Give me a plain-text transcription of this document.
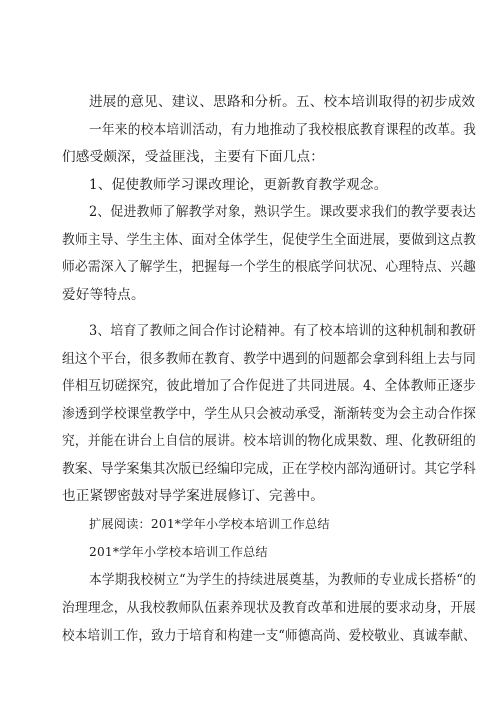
进展的意见、建议、思路和分析。五、校本培训取得的初步成效
一年来的校本培训活动，有力地推动了我校根底教育课程的改革。我
们感受颇深，受益匪浅，主要有下面几点：
1、促使教师学习课改理论，更新教育教学观念。
2、促进教师了解教学对象，熟识学生。课改要求我们的教学要表达
教师主导、学生主体、面对全体学生，促使学生全面进展，要做到这点教
师必需深入了解学生，把握每一个学生的根底学问状况、心理特点、兴趣
爱好等特点。
3、培育了教师之间合作讨论精神。有了校本培训的这种机制和教研
组这个平台，很多教师在教育、教学中遇到的问题都会拿到科组上去与同
伴相互切磋探究，彼此增加了合作促进了共同进展。4、全体教师正逐步
渗透到学校课堂教学中，学生从只会被动承受，渐渐转变为会主动合作探
究，并能在讲台上自信的展讲。校本培训的物化成果数、理、化教研组的
教案、导学案集其次版已经编印完成，正在学校内部沟通研讨。其它学科
也正紧锣密鼓对导学案进展修订、完善中。
扩展阅读：201*学年小学校本培训工作总结
201*学年小学校本培训工作总结
本学期我校树立“为学生的持续进展奠基，为教师的专业成长搭桥“的
治理理念，从我校教师队伍素养现状及教育改革和进展的要求动身，开展
校本培训工作，致力于培育和构建一支“师德高尚、爱校敬业、真诚奉献、
